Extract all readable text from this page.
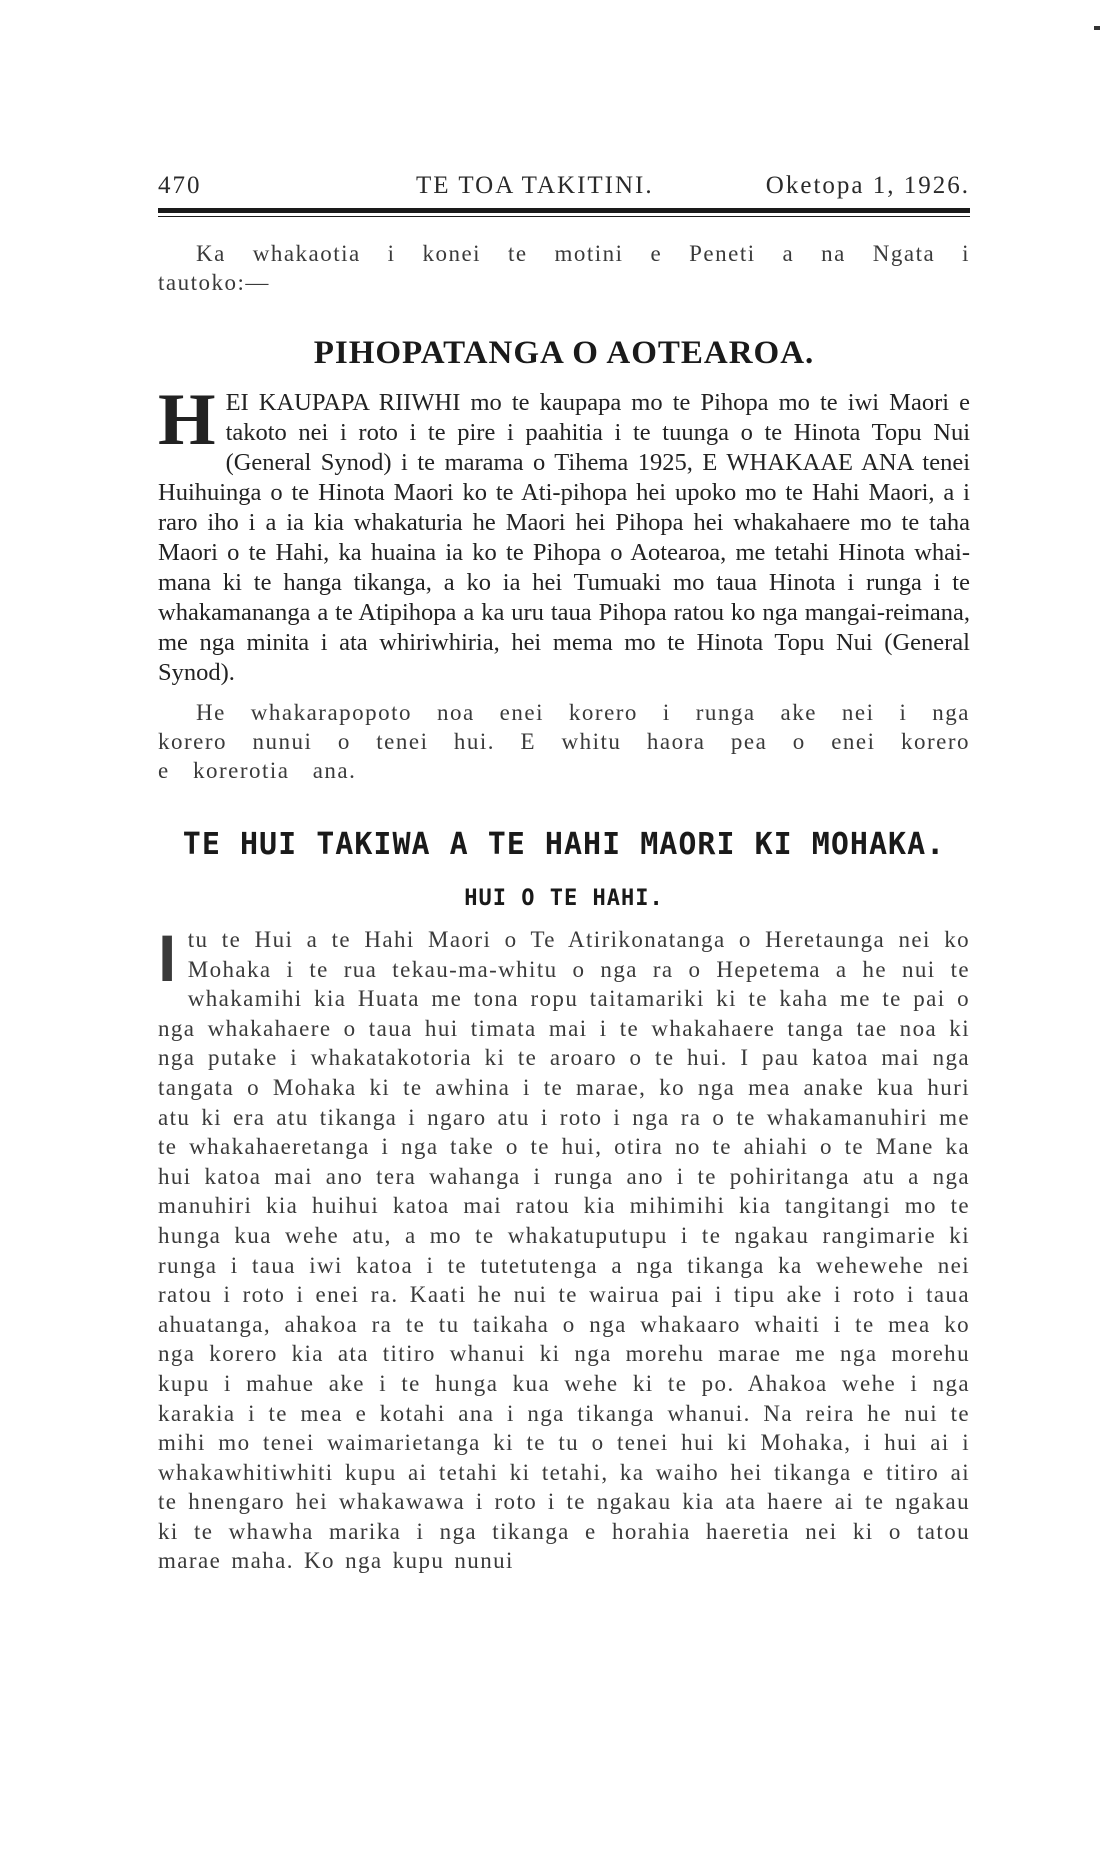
470	TE TOA TAKITINI.	Oketopa 1, 1926.

Ka whakaotia i konei te motini e Peneti a na Ngata i tautoko:—

PIHOPATANGA O AOTEAROA.

HEI KAUPAPA RIIWHI mo te kaupapa mo te Pihopa mo te iwi Maori e takoto nei i roto i te pire i paahitia i te tuunga o te Hinota Topu Nui (General Synod) i te marama o Tihema 1925, E WHAKAAE ANA tenei Huihuinga o te Hinota Maori ko te Ati-pihopa hei upoko mo te Hahi Maori, a i raro iho i a ia kia whakaturia he Maori hei Pihopa hei whakahaere mo te taha Maori o te Hahi, ka huaina ia ko te Pihopa o Aotearoa, me tetahi Hinota whai-mana ki te hanga tikanga, a ko ia hei Tumuaki mo taua Hinota i runga i te whakamananga a te Atipihopa a ka uru taua Pihopa ratou ko nga mangai-reimana, me nga minita i ata whiriwhiria, hei mema mo te Hinota Topu Nui (General Synod).

He whakarapopoto noa enei korero i runga ake nei i nga korero nunui o tenei hui. E whitu haora pea o enei korero e korerotia ana.

TE HUI TAKIWA A TE HAHI MAORI KI MOHAKA.
HUI O TE HAHI.

Itu te Hui a te Hahi Maori o Te Atirikonatanga o Heretaunga nei ko Mohaka i te rua tekau-ma-whitu o nga ra o Hepetema a he nui te whakamihi kia Huata me tona ropu taitamariki ki te kaha me te pai o nga whakahaere o taua hui timata mai i te whakahaere tanga tae noa ki nga putake i whakatakotoria ki te aroaro o te hui. I pau katoa mai nga tangata o Mohaka ki te awhina i te marae, ko nga mea anake kua huri atu ki era atu tikanga i ngaro atu i roto i nga ra o te whakamanuhiri me te whakahaeretanga i nga take o te hui, otira no te ahiahi o te Mane ka hui katoa mai ano tera wahanga i runga ano i te pohiritanga atu a nga manuhiri kia huihui katoa mai ratou kia mihimihi kia tangitangi mo te hunga kua wehe atu, a mo te whakatuputupu i te ngakau rangimarie ki runga i taua iwi katoa i te tutetutenga a nga tikanga ka wehewehe nei ratou i roto i enei ra. Kaati he nui te wairua pai i tipu ake i roto i taua ahuatanga, ahakoa ra te tu taikaha o nga whakaaro whaiti i te mea ko nga korero kia ata titiro whanui ki nga morehu marae me nga morehu kupu i mahue ake i te hunga kua wehe ki te po. Ahakoa wehe i nga karakia i te mea e kotahi ana i nga tikanga whanui. Na reira he nui te mihi mo tenei waimarietanga ki te tu o tenei hui ki Mohaka, i hui ai i whakawhitiwhiti kupu ai tetahi ki tetahi, ka waiho hei tikanga e titiro ai te hnengaro hei whakawawa i roto i te ngakau kia ata haere ai te ngakau ki te whawha marika i nga tikanga e horahia haeretia nei ki o tatou marae maha. Ko nga kupu nunui
